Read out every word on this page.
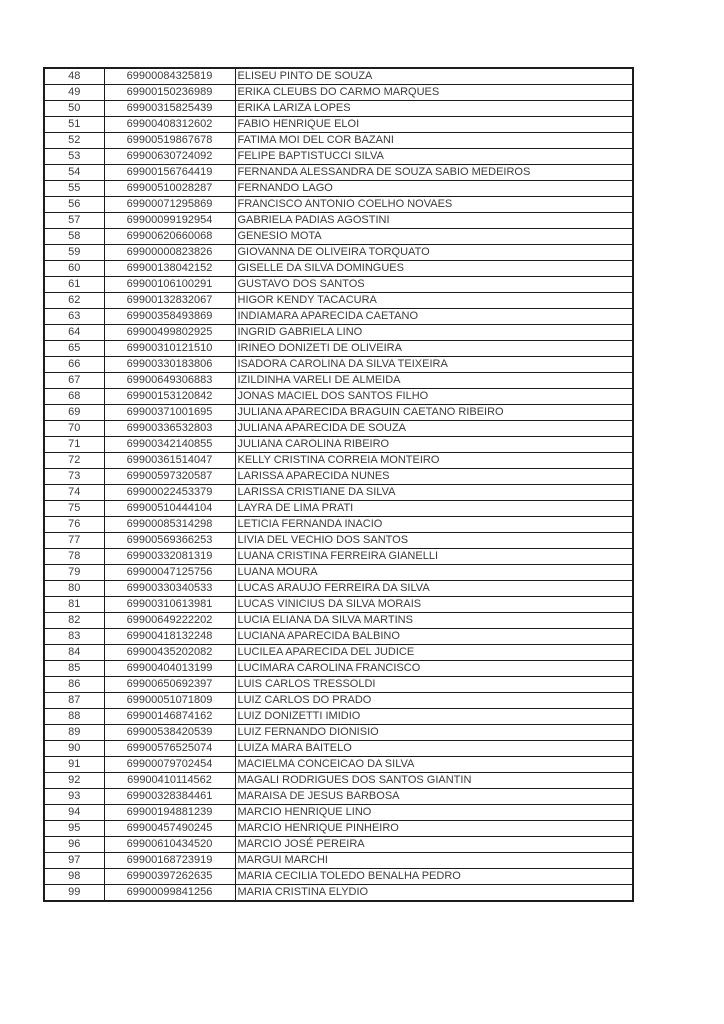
48	69900084325819	ELISEU PINTO DE SOUZA
49	69900150236989	ERIKA CLEUBS DO CARMO MARQUES
50	69900315825439	ERIKA LARIZA LOPES
51	69900408312602	FABIO HENRIQUE ELOI
52	69900519867678	FATIMA MOI DEL COR BAZANI
53	69900630724092	FELIPE BAPTISTUCCI SILVA
54	69900156764419	FERNANDA ALESSANDRA DE SOUZA SABIO MEDEIROS
55	69900510028287	FERNANDO LAGO
56	69900071295869	FRANCISCO ANTONIO COELHO NOVAES
57	69900099192954	GABRIELA PADIAS AGOSTINI
58	69900620660068	GENESIO MOTA
59	69900000823826	GIOVANNA DE OLIVEIRA TORQUATO
60	69900138042152	GISELLE DA SILVA DOMINGUES
61	69900106100291	GUSTAVO DOS SANTOS
62	69900132832067	HIGOR KENDY TACACURA
63	69900358493869	INDIAMARA APARECIDA CAETANO
64	69900499802925	INGRID GABRIELA LINO
65	69900310121510	IRINEO DONIZETI DE OLIVEIRA
66	69900330183806	ISADORA CAROLINA DA SILVA TEIXEIRA
67	69900649306883	IZILDINHA VARELI DE ALMEIDA
68	69900153120842	JONAS MACIEL DOS SANTOS FILHO
69	69900371001695	JULIANA APARECIDA BRAGUIN CAETANO RIBEIRO
70	69900336532803	JULIANA APARECIDA DE SOUZA
71	69900342140855	JULIANA CAROLINA RIBEIRO
72	69900361514047	KELLY CRISTINA CORREIA MONTEIRO
73	69900597320587	LARISSA APARECIDA NUNES
74	69900022453379	LARISSA CRISTIANE DA SILVA
75	69900510444104	LAYRA DE LIMA PRATI
76	69900085314298	LETICIA FERNANDA INACIO
77	69900569366253	LIVIA DEL VECHIO DOS SANTOS
78	69900332081319	LUANA CRISTINA FERREIRA GIANELLI
79	69900047125756	LUANA MOURA
80	69900330340533	LUCAS ARAUJO FERREIRA DA SILVA
81	69900310613981	LUCAS VINICIUS DA SILVA MORAIS
82	69900649222202	LUCIA ELIANA DA SILVA MARTINS
83	69900418132248	LUCIANA APARECIDA BALBINO
84	69900435202082	LUCILEA APARECIDA DEL JUDICE
85	69900404013199	LUCIMARA CAROLINA FRANCISCO
86	69900650692397	LUIS CARLOS TRESSOLDI
87	69900051071809	LUIZ CARLOS DO PRADO
88	69900146874162	LUIZ DONIZETTI IMIDIO
89	69900538420539	LUIZ FERNANDO DIONISIO
90	69900576525074	LUIZA MARA BAITELO
91	69900079702454	MACIELMA CONCEICAO DA SILVA
92	69900410114562	MAGALI RODRIGUES DOS SANTOS GIANTIN
93	69900328384461	MARAISA DE JESUS BARBOSA
94	69900194881239	MARCIO HENRIQUE LINO
95	69900457490245	MARCIO HENRIQUE PINHEIRO
96	69900610434520	MARCIO JOSÉ PEREIRA
97	69900168723919	MARGUI MARCHI
98	69900397262635	MARIA CECILIA TOLEDO BENALHA PEDRO
99	69900099841256	MARIA CRISTINA ELYDIO
